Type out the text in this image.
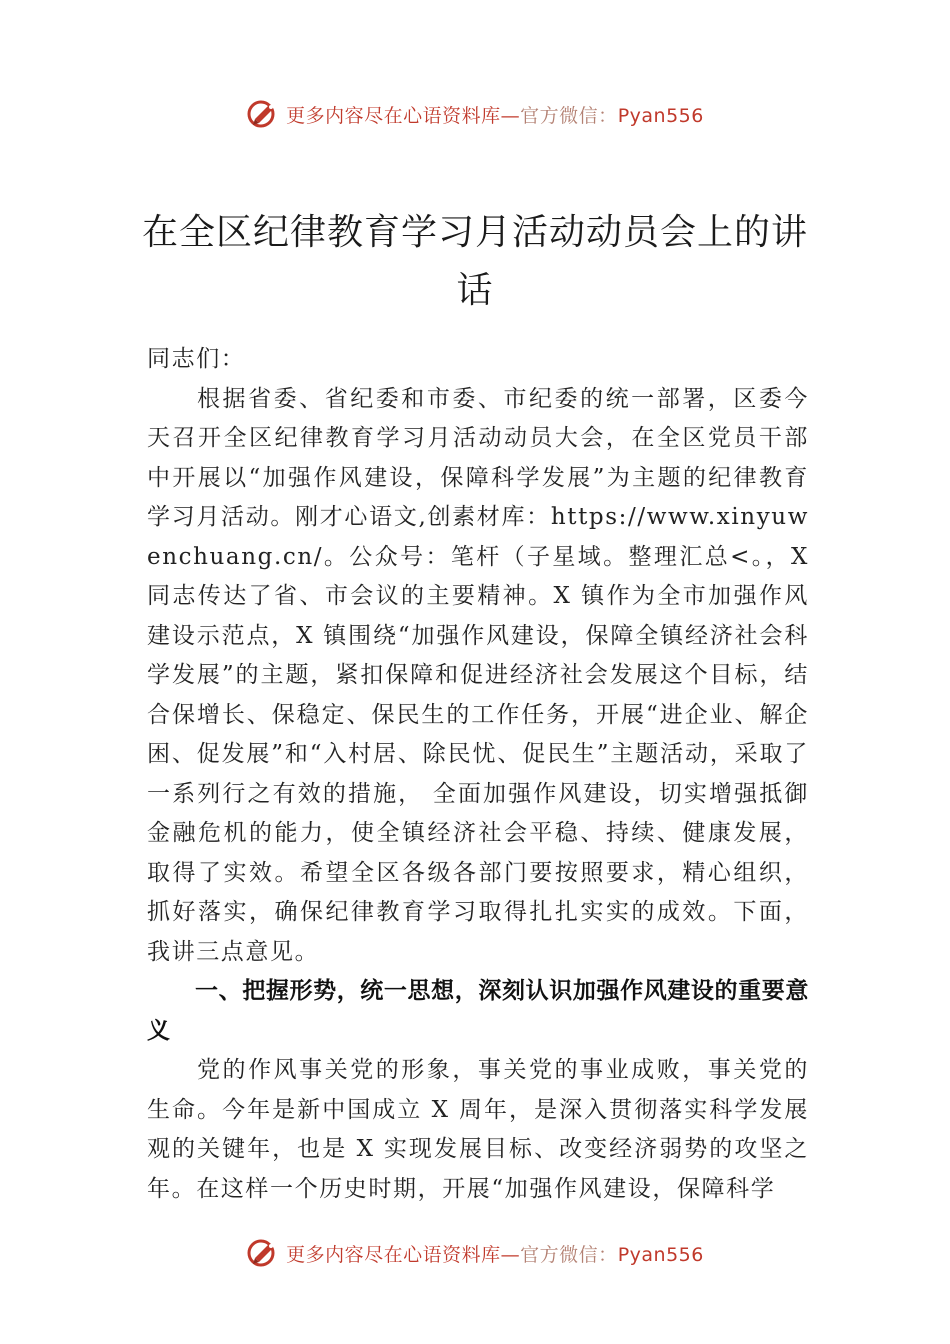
更多内容尽在心语资料库—官方微信：Pyan556
在全区纪律教育学习月活动动员会上的讲话

同志们：

根据省委、省纪委和市委、市纪委的统一部署，区委今天召开全区纪律教育学习月活动动员大会，在全区党员干部中开展以“加强作风建设，保障科学发展”为主题的纪律教育学习月活动。刚才心语文,创素材库：https://www.xinyuwenchuang.cn/。公众号：笔杆（子星域。整理汇总<。，X 同志传达了省、市会议的主要精神。X 镇作为全市加强作风建设示范点，X 镇围绕“加强作风建设，保障全镇经济社会科学发展”的主题，紧扣保障和促进经济社会发展这个目标，结合保增长、保稳定、保民生的工作任务，开展“进企业、解企困、促发展”和“入村居、除民忧、促民生”主题活动，采取了一系列行之有效的措施， 全面加强作风建设，切实增强抵御金融危机的能力，使全镇经济社会平稳、持续、健康发展，取得了实效。希望全区各级各部门要按照要求，精心组织，抓好落实，确保纪律教育学习取得扎扎实实的成效。下面，我讲三点意见。

一、把握形势，统一思想，深刻认识加强作风建设的重要意义

党的作风事关党的形象，事关党的事业成败，事关党的生命。今年是新中国成立 X 周年，是深入贯彻落实科学发展观的关键年，也是 X 实现发展目标、改变经济弱势的攻坚之年。在这样一个历史时期，开展“加强作风建设，保障科学

更多内容尽在心语资料库—官方微信：Pyan556
